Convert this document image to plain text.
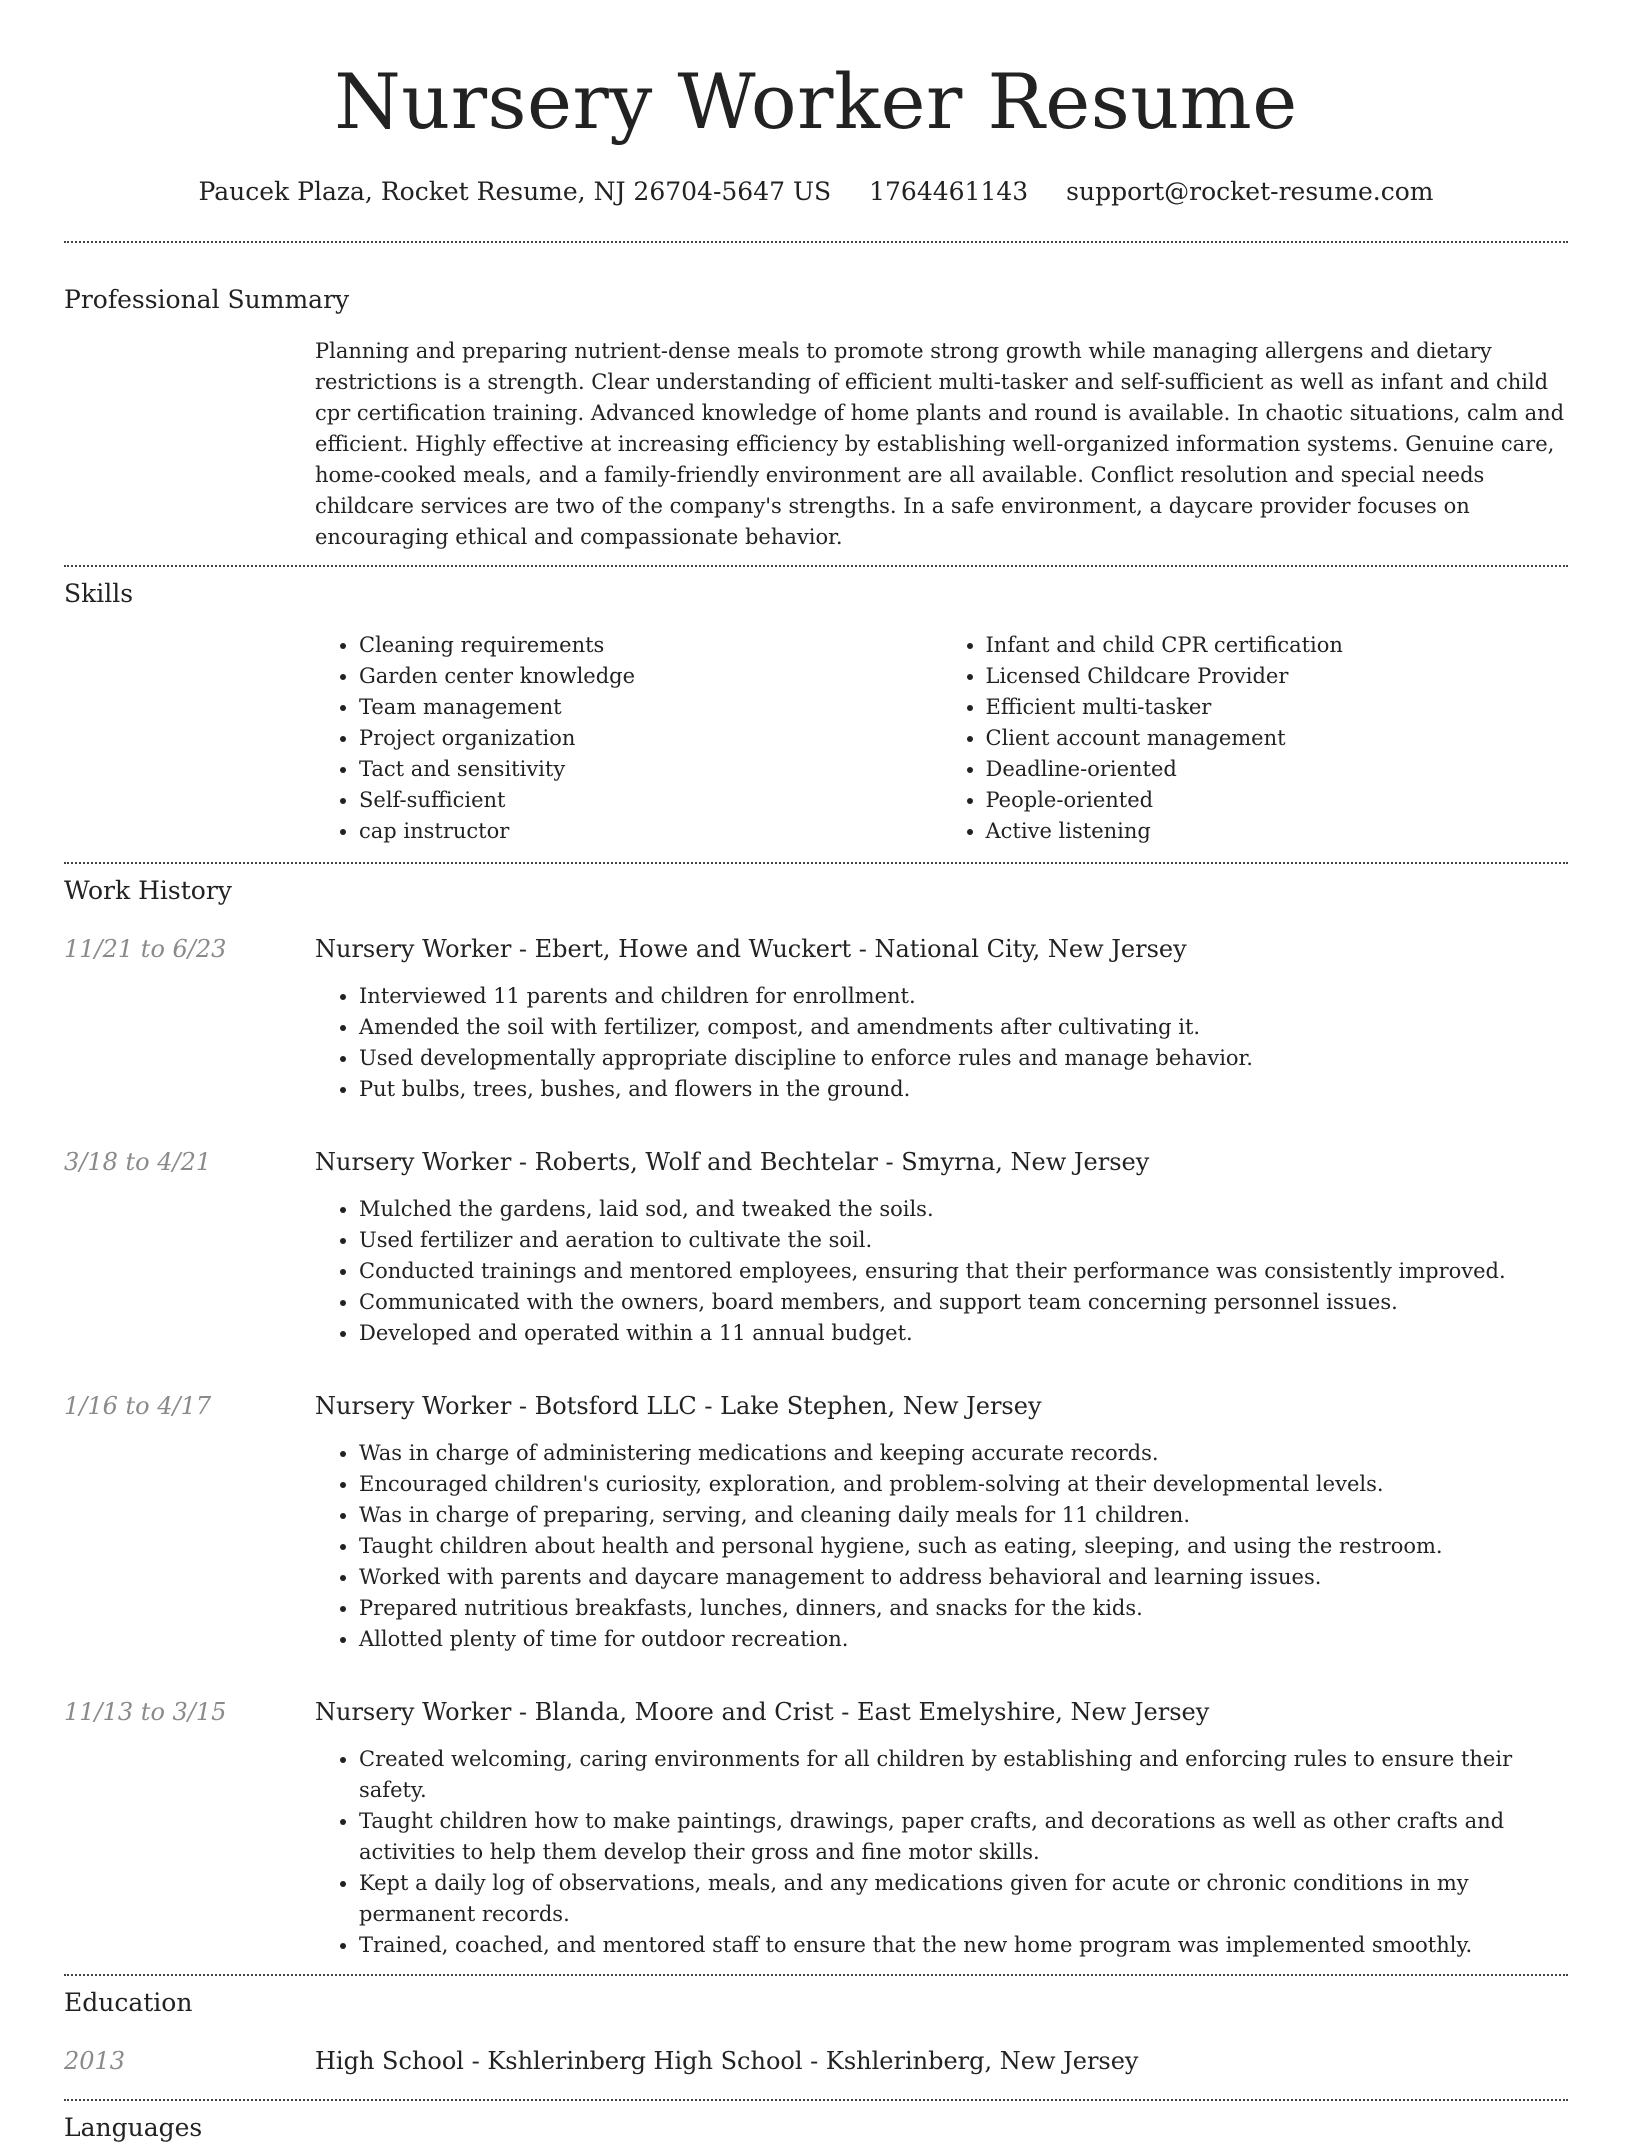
Nursery Worker Resume
Paucek Plaza, Rocket Resume, NJ 26704-5647 US 1764461143 support@rocket-resume.com
Professional Summary

Planning and preparing nutrient-dense meals to promote strong growth while managing allergens and dietary restrictions is a strength. Clear understanding of efficient multi-tasker and self-sufficient as well as infant and child cpr certification training. Advanced knowledge of home plants and round is available. In chaotic situations, calm and efficient. Highly effective at increasing efficiency by establishing well-organized information systems. Genuine care, home-cooked meals, and a family-friendly environment are all available. Conflict resolution and special needs childcare services are two of the company's strengths. In a safe environment, a daycare provider focuses on encouraging ethical and compassionate behavior.

Skills
• Cleaning requirements
• Garden center knowledge
• Team management
• Project organization
• Tact and sensitivity
• Self-sufficient
• cap instructor
• Infant and child CPR certification
• Licensed Childcare Provider
• Efficient multi-tasker
• Client account management
• Deadline-oriented
• People-oriented
• Active listening
Work History
11/21 to 6/23	Nursery Worker - Ebert, Howe and Wuckert - National City, New Jersey
• Interviewed 11 parents and children for enrollment.
• Amended the soil with fertilizer, compost, and amendments after cultivating it.
• Used developmentally appropriate discipline to enforce rules and manage behavior.
• Put bulbs, trees, bushes, and flowers in the ground.
3/18 to 4/21	Nursery Worker - Roberts, Wolf and Bechtelar - Smyrna, New Jersey
• Mulched the gardens, laid sod, and tweaked the soils.
• Used fertilizer and aeration to cultivate the soil.
• Conducted trainings and mentored employees, ensuring that their performance was consistently improved.
• Communicated with the owners, board members, and support team concerning personnel issues.
• Developed and operated within a 11 annual budget.
1/16 to 4/17	Nursery Worker - Botsford LLC - Lake Stephen, New Jersey
• Was in charge of administering medications and keeping accurate records.
• Encouraged children's curiosity, exploration, and problem-solving at their developmental levels.
• Was in charge of preparing, serving, and cleaning daily meals for 11 children.
• Taught children about health and personal hygiene, such as eating, sleeping, and using the restroom.
• Worked with parents and daycare management to address behavioral and learning issues.
• Prepared nutritious breakfasts, lunches, dinners, and snacks for the kids.
• Allotted plenty of time for outdoor recreation.
11/13 to 3/15	Nursery Worker - Blanda, Moore and Crist - East Emelyshire, New Jersey
• Created welcoming, caring environments for all children by establishing and enforcing rules to ensure their safety.
• Taught children how to make paintings, drawings, paper crafts, and decorations as well as other crafts and activities to help them develop their gross and fine motor skills.
• Kept a daily log of observations, meals, and any medications given for acute or chronic conditions in my permanent records.
• Trained, coached, and mentored staff to ensure that the new home program was implemented smoothly.
Education
2013	High School - Kshlerinberg High School - Kshlerinberg, New Jersey
Languages
